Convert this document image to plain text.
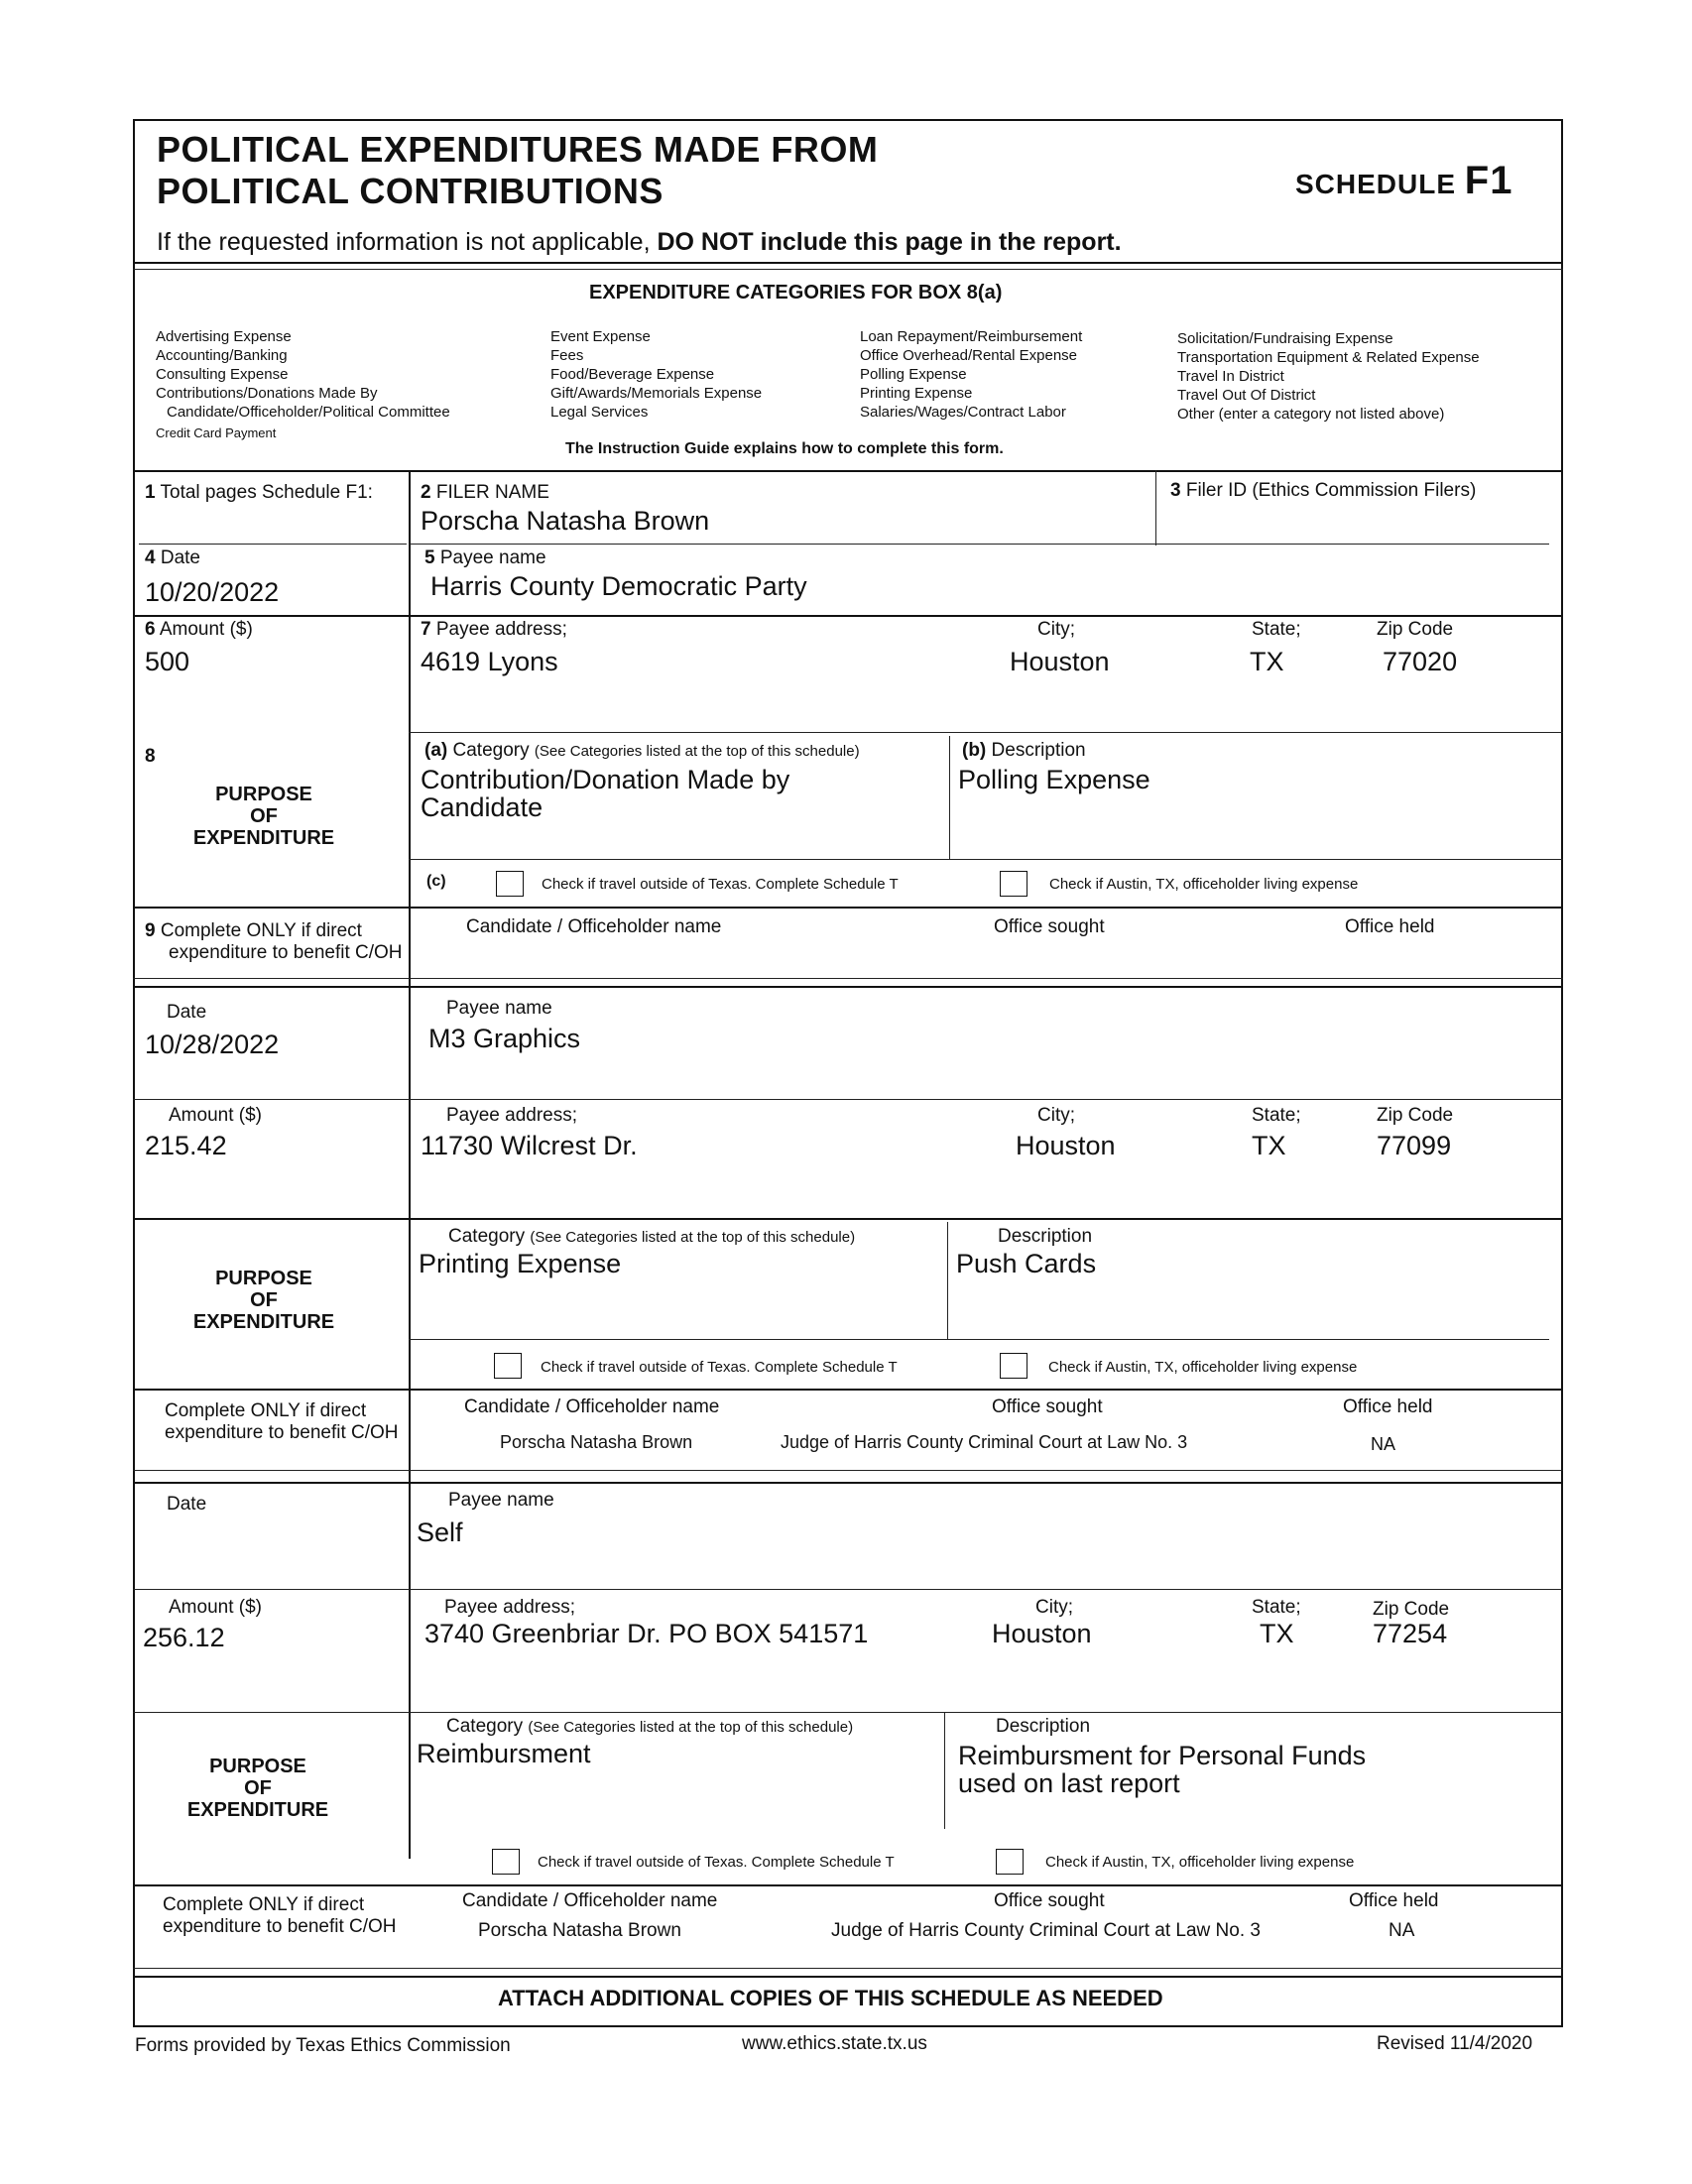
POLITICAL EXPENDITURES MADE FROM
POLITICAL CONTRIBUTIONS	SCHEDULE F1
If the requested information is not applicable, DO NOT include this page in the report.
EXPENDITURE CATEGORIES FOR BOX 8(a)
Advertising Expense
Accounting/Banking
Consulting Expense
Contributions/Donations Made By
Candidate/Officeholder/Political Committee
Credit Card Payment
Event Expense
Fees
Food/Beverage Expense
Gift/Awards/Memorials Expense
Legal Services
Loan Repayment/Reimbursement
Office Overhead/Rental Expense
Polling Expense
Printing Expense
Salaries/Wages/Contract Labor
Solicitation/Fundraising Expense
Transportation Equipment & Related Expense
Travel In District
Travel Out Of District
Other (enter a category not listed above)
The Instruction Guide explains how to complete this form.
1 Total pages Schedule F1:	2 FILER NAME
Porscha Natasha Brown
3 Filer ID (Ethics Commission Filers)
4 Date
10/20/2022
5 Payee name
Harris County Democratic Party
6 Amount ($)
500
7 Payee address;
4619 Lyons
City;
Houston
State;
TX
Zip Code
77020
8
PURPOSE
OF
EXPENDITURE
(a) Category (See Categories listed at the top of this schedule)
Contribution/Donation Made by
Candidate
(b) Description
Polling Expense
(c)	Check if travel outside of Texas. Complete Schedule T	Check if Austin, TX, officeholder living expense
9 Complete ONLY if direct
expenditure to benefit C/OH
Candidate / Officeholder name	Office sought	Office held
Date
10/28/2022
Payee name
M3 Graphics
Amount ($)
215.42
Payee address;
11730 Wilcrest Dr.
City;
Houston
State;
TX
Zip Code
77099
PURPOSE
OF
EXPENDITURE
Category (See Categories listed at the top of this schedule)
Printing Expense
Description
Push Cards
Check if travel outside of Texas. Complete Schedule T	Check if Austin, TX, officeholder living expense
Complete ONLY if direct
expenditure to benefit C/OH
Candidate / Officeholder name
Porscha Natasha Brown
Office sought
Judge of Harris County Criminal Court at Law No. 3
Office held
NA
Date	Payee name
Self
Amount ($)
256.12
Payee address;
3740 Greenbriar Dr. PO BOX 541571
City;
Houston
State;
TX
Zip Code
77254
PURPOSE
OF
EXPENDITURE
Category (See Categories listed at the top of this schedule)
Reimbursment
Description
Reimbursment for Personal Funds
used on last report
Check if travel outside of Texas. Complete Schedule T	Check if Austin, TX, officeholder living expense
Complete ONLY if direct
expenditure to benefit C/OH
Candidate / Officeholder name
Porscha Natasha Brown
Office sought
Judge of Harris County Criminal Court at Law No. 3
Office held
NA
ATTACH ADDITIONAL COPIES OF THIS SCHEDULE AS NEEDED
Forms provided by Texas Ethics Commission	www.ethics.state.tx.us	Revised 11/4/2020
